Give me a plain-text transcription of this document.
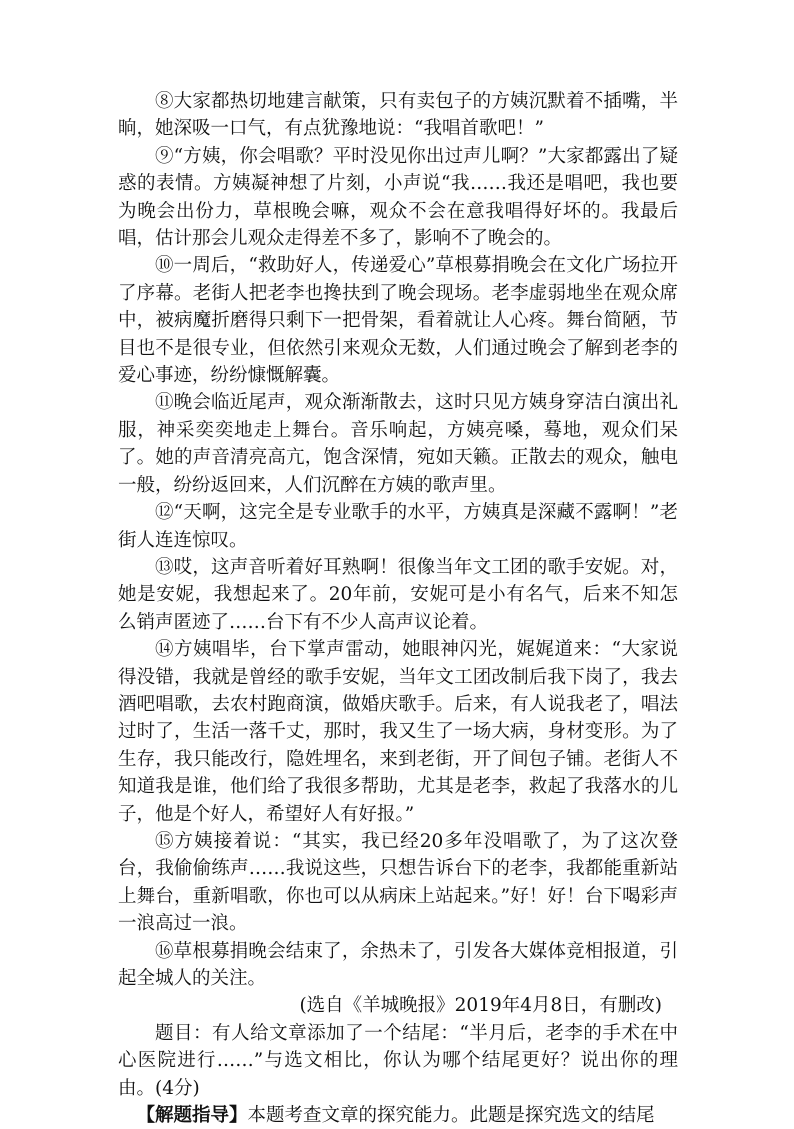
⑧大家都热切地建言献策，只有卖包子的方姨沉默着不插嘴，半晌，她深吸一口气，有点犹豫地说：“我唱首歌吧！”

⑨“方姨，你会唱歌？平时没见你出过声儿啊？”大家都露出了疑惑的表情。方姨凝神想了片刻，小声说“我……我还是唱吧，我也要为晚会出份力，草根晚会嘛，观众不会在意我唱得好坏的。我最后唱，估计那会儿观众走得差不多了，影响不了晚会的。

⑩一周后，“救助好人，传递爱心”草根募捐晚会在文化广场拉开了序幕。老街人把老李也搀扶到了晚会现场。老李虚弱地坐在观众席中，被病魔折磨得只剩下一把骨架，看着就让人心疼。舞台简陋，节目也不是很专业，但依然引来观众无数，人们通过晚会了解到老李的爱心事迹，纷纷慷慨解囊。

⑪晚会临近尾声，观众渐渐散去，这时只见方姨身穿洁白演出礼服，神采奕奕地走上舞台。音乐响起，方姨亮嗓，蓦地，观众们呆了。她的声音清亮高亢，饱含深情，宛如天籁。正散去的观众，触电一般，纷纷返回来，人们沉醉在方姨的歌声里。

⑫“天啊，这完全是专业歌手的水平，方姨真是深藏不露啊！”老街人连连惊叹。

⑬哎，这声音听着好耳熟啊！很像当年文工团的歌手安妮。对，她是安妮，我想起来了。20年前，安妮可是小有名气，后来不知怎么销声匿迹了……台下有不少人高声议论着。

⑭方姨唱毕，台下掌声雷动，她眼神闪光，娓娓道来：“大家说得没错，我就是曾经的歌手安妮，当年文工团改制后我下岗了，我去酒吧唱歌，去农村跑商演，做婚庆歌手。后来，有人说我老了，唱法过时了，生活一落千丈，那时，我又生了一场大病，身材变形。为了生存，我只能改行，隐姓埋名，来到老街，开了间包子铺。老街人不知道我是谁，他们给了我很多帮助，尤其是老李，救起了我落水的儿子，他是个好人，希望好人有好报。”

⑮方姨接着说：“其实，我已经20多年没唱歌了，为了这次登台，我偷偷练声……我说这些，只想告诉台下的老李，我都能重新站上舞台，重新唱歌，你也可以从病床上站起来。”好！好！台下喝彩声一浪高过一浪。

⑯草根募捐晚会结束了，余热未了，引发各大媒体竞相报道，引起全城人的关注。

(选自《羊城晚报》2019年4月8日，有删改)

题目：有人给文章添加了一个结尾：“半月后，老李的手术在中心医院进行……”与选文相比，你认为哪个结尾更好？说出你的理由。(4分)

【解题指导】本题考查文章的探究能力。此题是探究选文的结尾
